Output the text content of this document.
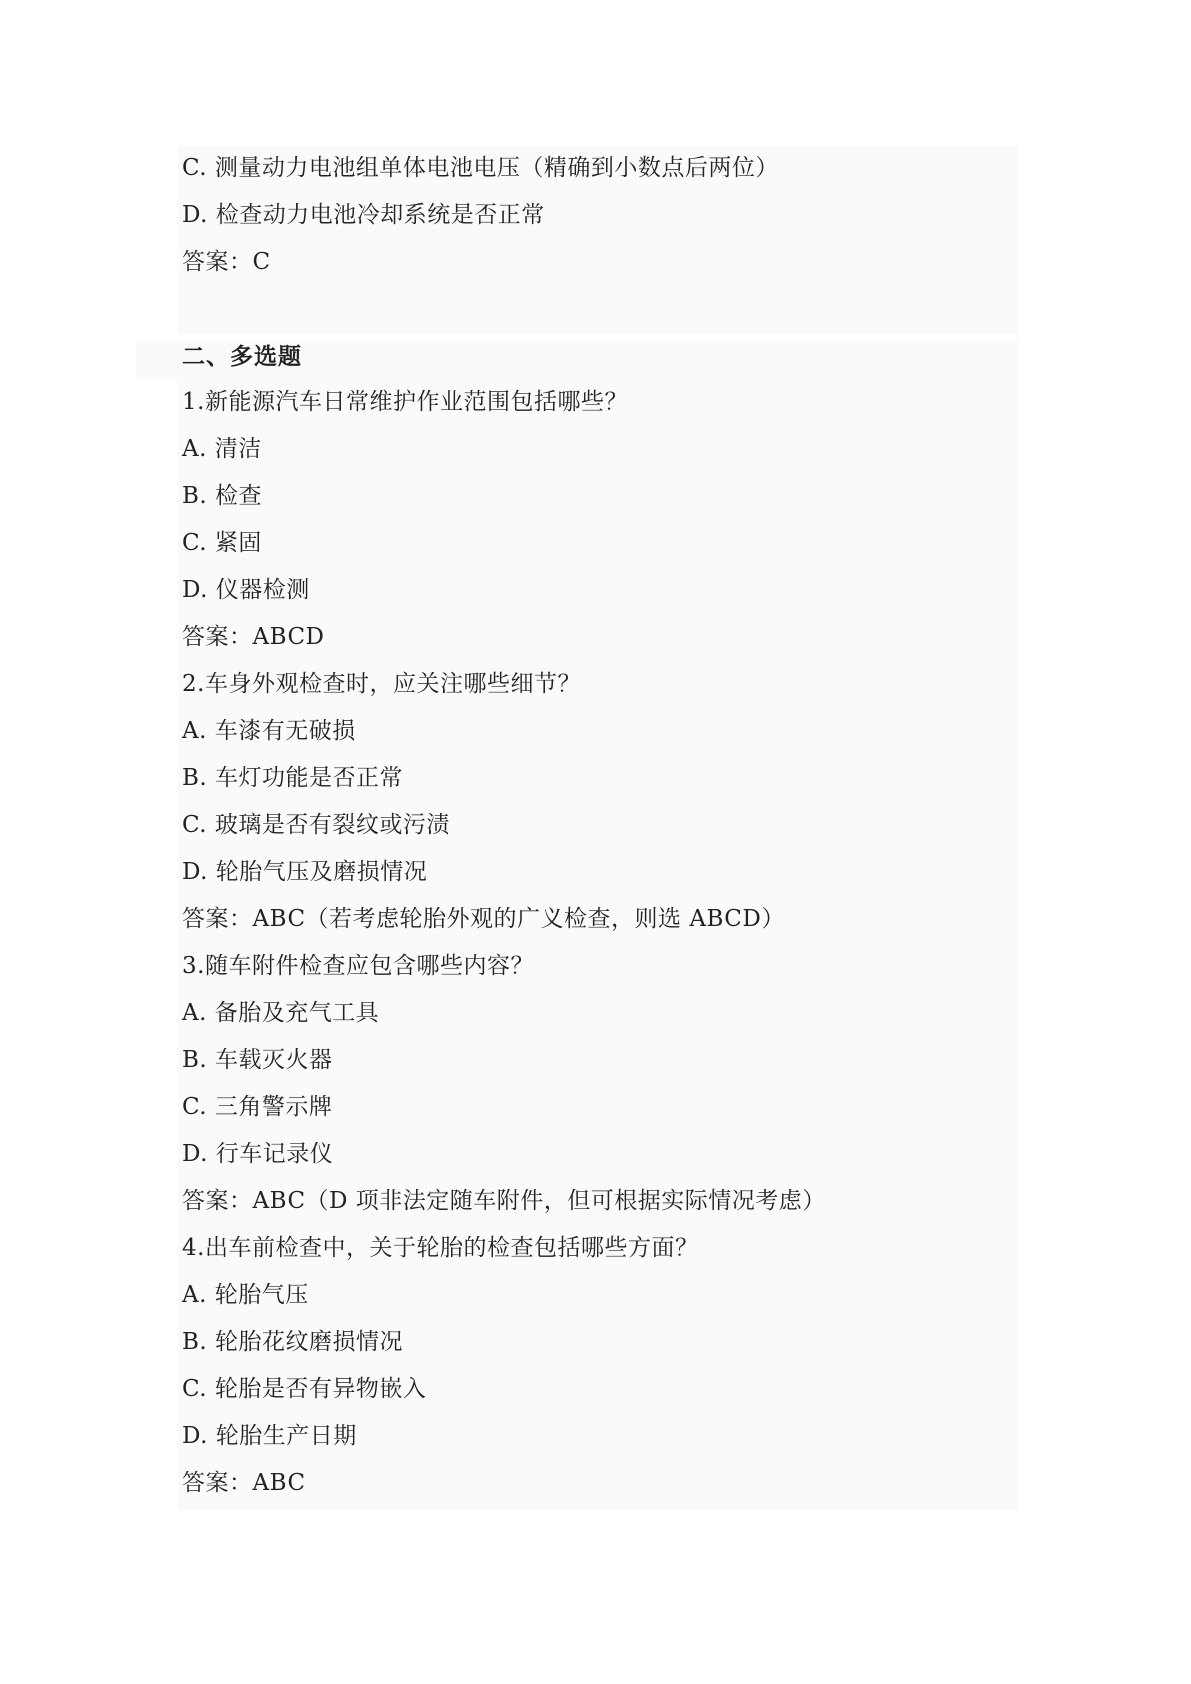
C. 测量动力电池组单体电池电压（精确到小数点后两位）
D. 检查动力电池冷却系统是否正常
答案：C
二、多选题
1.新能源汽车日常维护作业范围包括哪些？
A. 清洁
B. 检查
C. 紧固
D. 仪器检测
答案：ABCD
2.车身外观检查时，应关注哪些细节？
A. 车漆有无破损
B. 车灯功能是否正常
C. 玻璃是否有裂纹或污渍
D. 轮胎气压及磨损情况
答案：ABC（若考虑轮胎外观的广义检查，则选 ABCD）
3.随车附件检查应包含哪些内容？
A. 备胎及充气工具
B. 车载灭火器
C. 三角警示牌
D. 行车记录仪
答案：ABC（D 项非法定随车附件，但可根据实际情况考虑）
4.出车前检查中，关于轮胎的检查包括哪些方面？
A. 轮胎气压
B. 轮胎花纹磨损情况
C. 轮胎是否有异物嵌入
D. 轮胎生产日期
答案：ABC
